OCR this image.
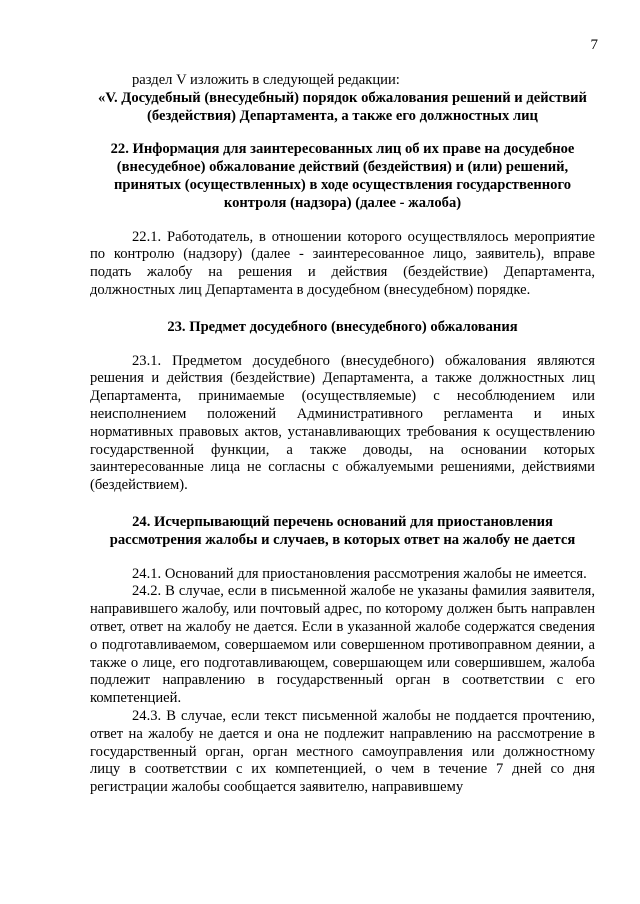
7

раздел V изложить в следующей редакции:

«V. Досудебный (внесудебный) порядок обжалования решений и действий (бездействия) Департамента, а также его должностных лиц

22. Информация для заинтересованных лиц об их праве на досудебное (внесудебное) обжалование действий (бездействия) и (или) решений, принятых (осуществленных) в ходе осуществления государственного контроля (надзора) (далее - жалоба)

22.1. Работодатель, в отношении которого осуществлялось мероприятие по контролю (надзору) (далее - заинтересованное лицо, заявитель), вправе подать жалобу на решения и действия (бездействие) Департамента, должностных лиц Департамента в досудебном (внесудебном) порядке.

23. Предмет досудебного (внесудебного) обжалования

23.1. Предметом досудебного (внесудебного) обжалования являются решения и действия (бездействие) Департамента, а также должностных лиц Департамента, принимаемые (осуществляемые) с несоблюдением или неисполнением положений Административного регламента и иных нормативных правовых актов, устанавливающих требования к осуществлению государственной функции, а также доводы, на основании которых заинтересованные лица не согласны с обжалуемыми решениями, действиями (бездействием).

24. Исчерпывающий перечень оснований для приостановления рассмотрения жалобы и случаев, в которых ответ на жалобу не дается

24.1. Оснований для приостановления рассмотрения жалобы не имеется.

24.2. В случае, если в письменной жалобе не указаны фамилия заявителя, направившего жалобу, или почтовый адрес, по которому должен быть направлен ответ, ответ на жалобу не дается. Если в указанной жалобе содержатся сведения о подготавливаемом, совершаемом или совершенном противоправном деянии, а также о лице, его подготавливающем, совершающем или совершившем, жалоба подлежит направлению в государственный орган в соответствии с его компетенцией.

24.3. В случае, если текст письменной жалобы не поддается прочтению, ответ на жалобу не дается и она не подлежит направлению на рассмотрение в государственный орган, орган местного самоуправления или должностному лицу в соответствии с их компетенцией, о чем в течение 7 дней со дня регистрации жалобы сообщается заявителю, направившему
